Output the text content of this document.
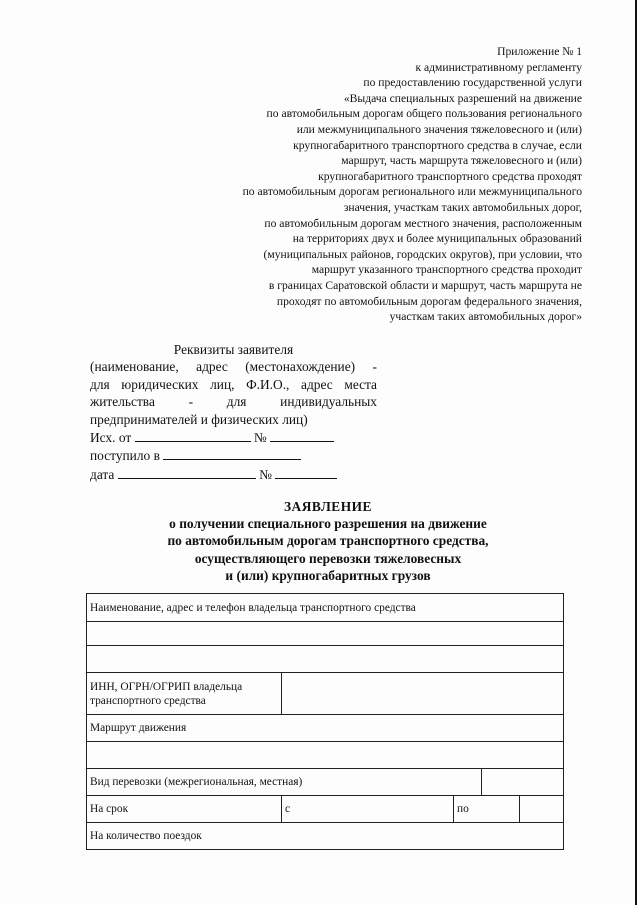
Приложение № 1
к административному регламенту
по предоставлению государственной услуги
«Выдача специальных разрешений на движение
по автомобильным дорогам общего пользования регионального
или межмуниципального значения тяжеловесного и (или)
крупногабаритного транспортного средства в случае, если
маршрут, часть маршрута тяжеловесного и (или)
крупногабаритного транспортного средства проходят
по автомобильным дорогам регионального или межмуниципального
значения, участкам таких автомобильных дорог,
по автомобильным дорогам местного значения, расположенным
на территориях двух и более муниципальных образований
(муниципальных районов, городских округов), при условии, что
маршрут указанного транспортного средства проходит
в границах Саратовской области и маршрут, часть маршрута не
проходят по автомобильным дорогам федерального значения,
участкам таких автомобильных дорог»
Реквизиты заявителя
(наименование, адрес (местонахождение) -
для юридических лиц, Ф.И.О., адрес места
жительства - для индивидуальных
предпринимателей и физических лиц)
Исх. от	№
поступило в
дата	№
ЗАЯВЛЕНИЕ
о получении специального разрешения на движение
по автомобильным дорогам транспортного средства,
осуществляющего перевозки тяжеловесных
и (или) крупногабаритных грузов
Наименование, адрес и телефон владельца транспортного средства				

ИНН, ОГРН/ОГРИП владельца
транспортного средства				

Маршрут движения				

Вид перевозки (межрегиональная, местная)				
На срок	с	по		
На количество поездок				
